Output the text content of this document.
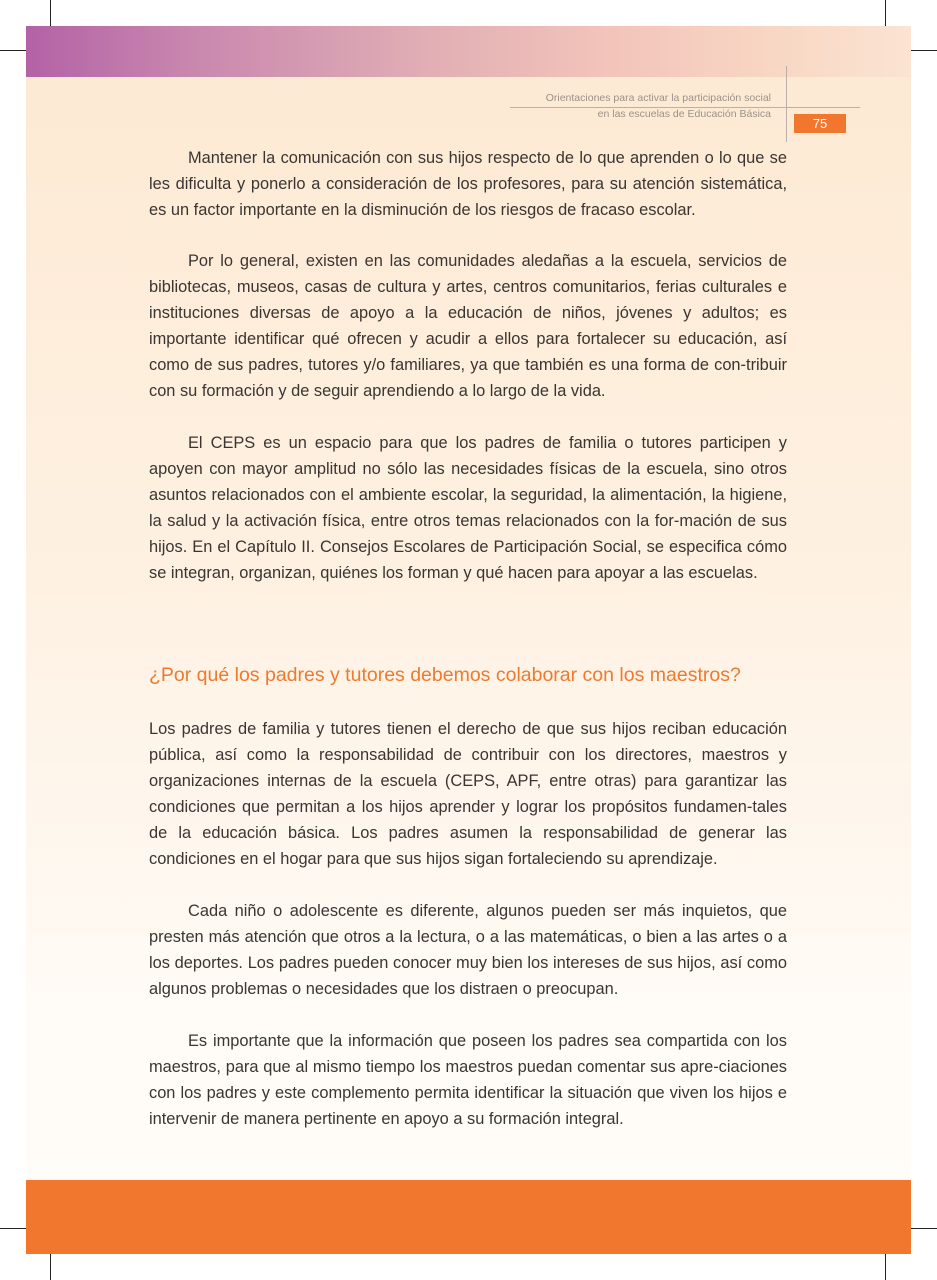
Orientaciones para activar la participación social
en las escuelas de Educación Básica
75

Mantener la comunicación con sus hijos respecto de lo que aprenden o lo que se les dificulta y ponerlo a consideración de los profesores, para su atención sistemática, es un factor importante en la disminución de los riesgos de fracaso escolar.

Por lo general, existen en las comunidades aledañas a la escuela, servicios de bibliotecas, museos, casas de cultura y artes, centros comunitarios, ferias culturales e instituciones diversas de apoyo a la educación de niños, jóvenes y adultos; es importante identificar qué ofrecen y acudir a ellos para fortalecer su educación, así como de sus padres, tutores y/o familiares, ya que también es una forma de con-tribuir con su formación y de seguir aprendiendo a lo largo de la vida.

El CEPS es un espacio para que los padres de familia o tutores participen y apoyen con mayor amplitud no sólo las necesidades físicas de la escuela, sino otros asuntos relacionados con el ambiente escolar, la seguridad, la alimentación, la higiene, la salud y la activación física, entre otros temas relacionados con la for-mación de sus hijos. En el Capítulo II. Consejos Escolares de Participación Social, se especifica cómo se integran, organizan, quiénes los forman y qué hacen para apoyar a las escuelas.

¿Por qué los padres y tutores debemos colaborar con los maestros?

Los padres de familia y tutores tienen el derecho de que sus hijos reciban educación pública, así como la responsabilidad de contribuir con los directores, maestros y organizaciones internas de la escuela (CEPS, APF, entre otras) para garantizar las condiciones que permitan a los hijos aprender y lograr los propósitos fundamen-tales de la educación básica. Los padres asumen la responsabilidad de generar las condiciones en el hogar para que sus hijos sigan fortaleciendo su aprendizaje.

Cada niño o adolescente es diferente, algunos pueden ser más inquietos, que presten más atención que otros a la lectura, o a las matemáticas, o bien a las artes o a los deportes. Los padres pueden conocer muy bien los intereses de sus hijos, así como algunos problemas o necesidades que los distraen o preocupan.

Es importante que la información que poseen los padres sea compartida con los maestros, para que al mismo tiempo los maestros puedan comentar sus apre-ciaciones con los padres y este complemento permita identificar la situación que viven los hijos e intervenir de manera pertinente en apoyo a su formación integral.
